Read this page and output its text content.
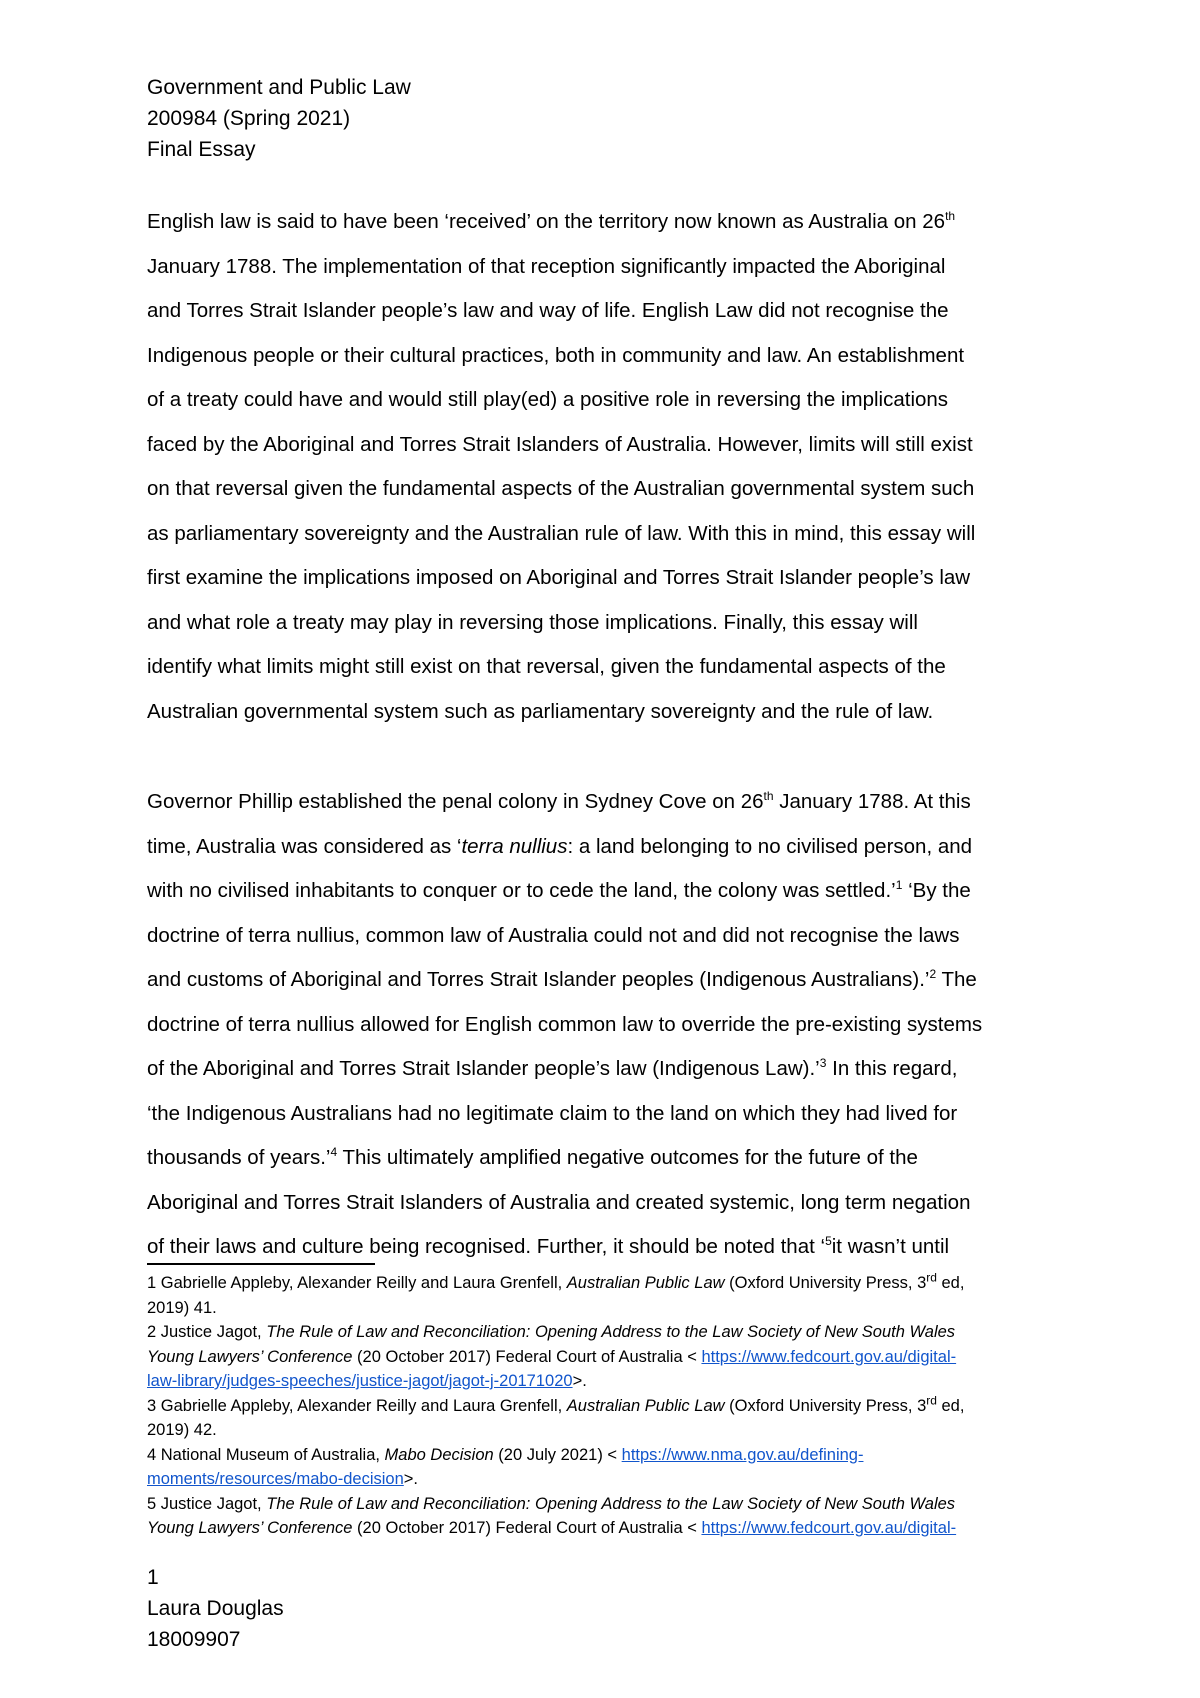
Government and Public Law
200984 (Spring 2021)
Final Essay
English law is said to have been ‘received’ on the territory now known as Australia on 26th
January 1788. The implementation of that reception significantly impacted the Aboriginal
and Torres Strait Islander people’s law and way of life. English Law did not recognise the
Indigenous people or their cultural practices, both in community and law. An establishment
of a treaty could have and would still play(ed) a positive role in reversing the implications
faced by the Aboriginal and Torres Strait Islanders of Australia. However, limits will still exist
on that reversal given the fundamental aspects of the Australian governmental system such
as parliamentary sovereignty and the Australian rule of law. With this in mind, this essay will
first examine the implications imposed on Aboriginal and Torres Strait Islander people’s law
and what role a treaty may play in reversing those implications. Finally, this essay will
identify what limits might still exist on that reversal, given the fundamental aspects of the
Australian governmental system such as parliamentary sovereignty and the rule of law.
Governor Phillip established the penal colony in Sydney Cove on 26th January 1788. At this
time, Australia was considered as ‘terra nullius: a land belonging to no civilised person, and
with no civilised inhabitants to conquer or to cede the land, the colony was settled.’$^1$ ‘By the
doctrine of terra nullius, common law of Australia could not and did not recognise the laws
and customs of Aboriginal and Torres Strait Islander peoples (Indigenous Australians).’$^2$ The
doctrine of terra nullius allowed for English common law to override the pre-existing systems
of the Aboriginal and Torres Strait Islander people’s law (Indigenous Law).’$^3$ In this regard,
‘the Indigenous Australians had no legitimate claim to the land on which they had lived for
thousands of years.’$^4$ This ultimately amplified negative outcomes for the future of the
Aboriginal and Torres Strait Islanders of Australia and created systemic, long term negation
of their laws and culture being recognised. Further, it should be noted that ‘$^5$it wasn’t until
1 Gabrielle Appleby, Alexander Reilly and Laura Grenfell, Australian Public Law (Oxford University Press, 3rd ed,
2019) 41.
2 Justice Jagot, The Rule of Law and Reconciliation: Opening Address to the Law Society of New South Wales
Young Lawyers’ Conference (20 October 2017) Federal Court of Australia < https://www.fedcourt.gov.au/digital-
law-library/judges-speeches/justice-jagot/jagot-j-20171020>.
3 Gabrielle Appleby, Alexander Reilly and Laura Grenfell, Australian Public Law (Oxford University Press, 3rd ed,
2019) 42.
4 National Museum of Australia, Mabo Decision (20 July 2021) < https://www.nma.gov.au/defining-
moments/resources/mabo-decision>.
5 Justice Jagot, The Rule of Law and Reconciliation: Opening Address to the Law Society of New South Wales
Young Lawyers’ Conference (20 October 2017) Federal Court of Australia < https://www.fedcourt.gov.au/digital-
1
Laura Douglas
18009907
